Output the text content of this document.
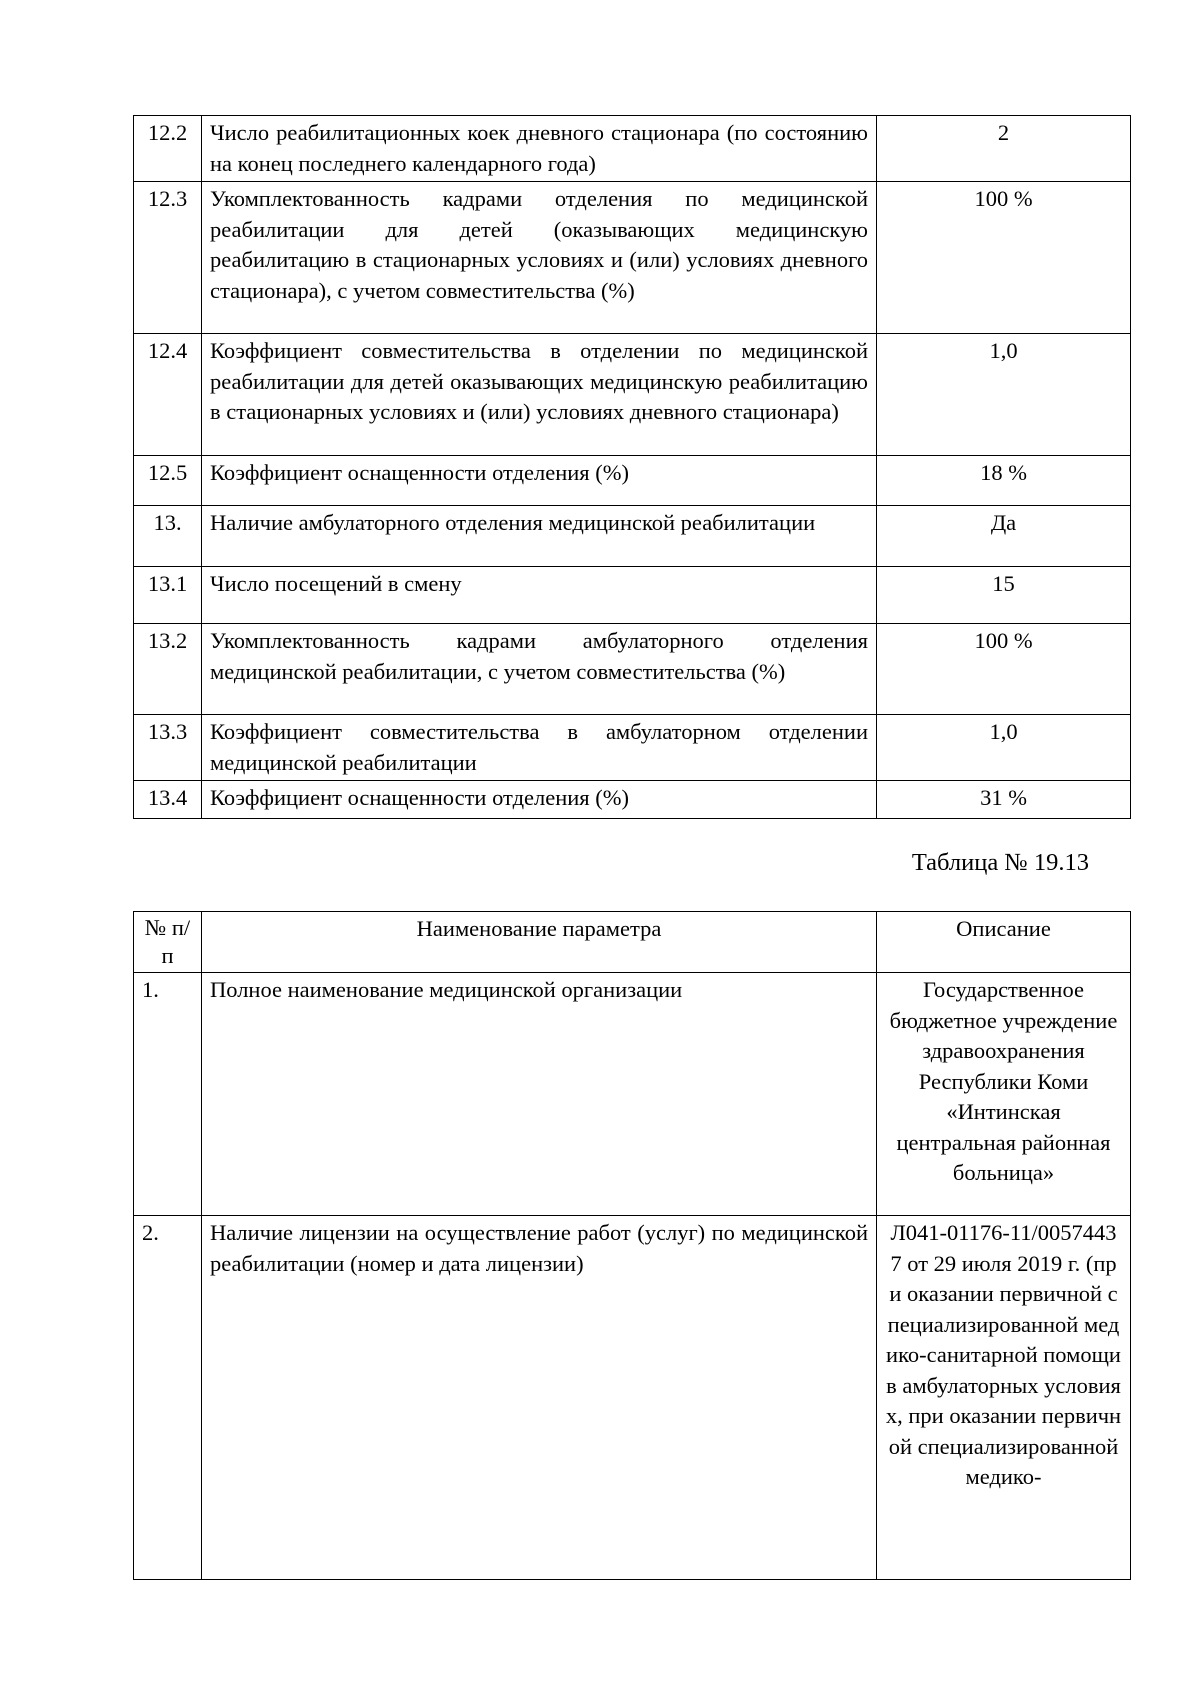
12.2	Число реабилитационных коек дневного стационара (по состоянию на конец последнего календарного года)	2
12.3	Укомплектованность кадрами отделения по медицинской реабилитации для детей (оказывающих медицинскую реабилитацию в стационарных условиях и (или) условиях дневного стационара), с учетом совместительства (%)	100 %
12.4	Коэффициент совместительства в отделении по медицинской реабилитации для детей оказывающих медицинскую реабилитацию в стационарных условиях и (или) условиях дневного стационара)	1,0
12.5	Коэффициент оснащенности отделения (%)	18 %
13.	Наличие амбулаторного отделения медицинской реабилитации	Да
13.1	Число посещений в смену	15
13.2	Укомплектованность кадрами амбулаторного отделения медицинской реабилитации, с учетом совместительства (%)	100 %
13.3	Коэффициент совместительства в амбулаторном отделении медицинской реабилитации	1,0
13.4	Коэффициент оснащенности отделения (%)	31 %
Таблица № 19.13
№ п/п	Наименование параметра	Описание
1.	Полное наименование медицинской организации	Государственное бюджетное учреждение здравоохранения Республики Коми «Интинская центральная районная больница»
2.	Наличие лицензии на осуществление работ (услуг) по медицинской реабилитации (номер и дата лицензии)	Л041-01176-11/00574437 от 29 июля 2019 г. (при оказании первичной специализированной медико-санитарной помощи в амбулаторных условиях, при оказании первичной специализированной медико-
